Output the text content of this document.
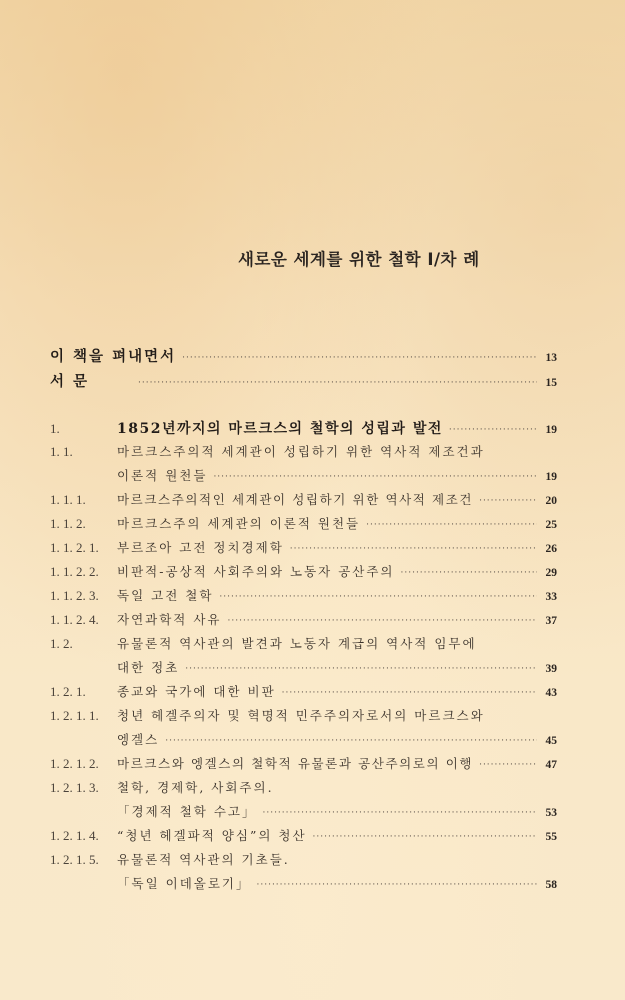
새로운 세계를 위한 철학 Ⅰ/차 례
이 책을 펴내면서 ·····	13
서 문 ·····	15
1.	1852년까지의 마르크스의 철학의 성립과 발전 ·····	19
1. 1.	마르크스주의적 세계관이 성립하기 위한 역사적 제조건과
이론적 원천들 ·····	19
1. 1. 1.	마르크스주의적인 세계관이 성립하기 위한 역사적 제조건 ·····	20
1. 1. 2.	마르크스주의 세계관의 이론적 원천들 ·····	25
1. 1. 2. 1.	부르조아 고전 정치경제학 ·····	26
1. 1. 2. 2.	비판적-공상적 사회주의와 노동자 공산주의 ·····	29
1. 1. 2. 3.	독일 고전 철학 ·····	33
1. 1. 2. 4.	자연과학적 사유 ·····	37
1. 2.	유물론적 역사관의 발견과 노동자 계급의 역사적 임무에
대한 정초 ·····	39
1. 2. 1.	종교와 국가에 대한 비판 ·····	43
1. 2. 1. 1.	청년 헤겔주의자 및 혁명적 민주주의자로서의 마르크스와
엥겔스 ·····	45
1. 2. 1. 2.	마르크스와 엥겔스의 철학적 유물론과 공산주의로의 이행 ·····	47
1. 2. 1. 3.	철학, 경제학, 사회주의.
「경제적 철학 수고」 ·····	53
1. 2. 1. 4.	“청년 헤겔파적 양심”의 청산 ·····	55
1. 2. 1. 5.	유물론적 역사관의 기초들.
「독일 이데올로기」 ·····	58
